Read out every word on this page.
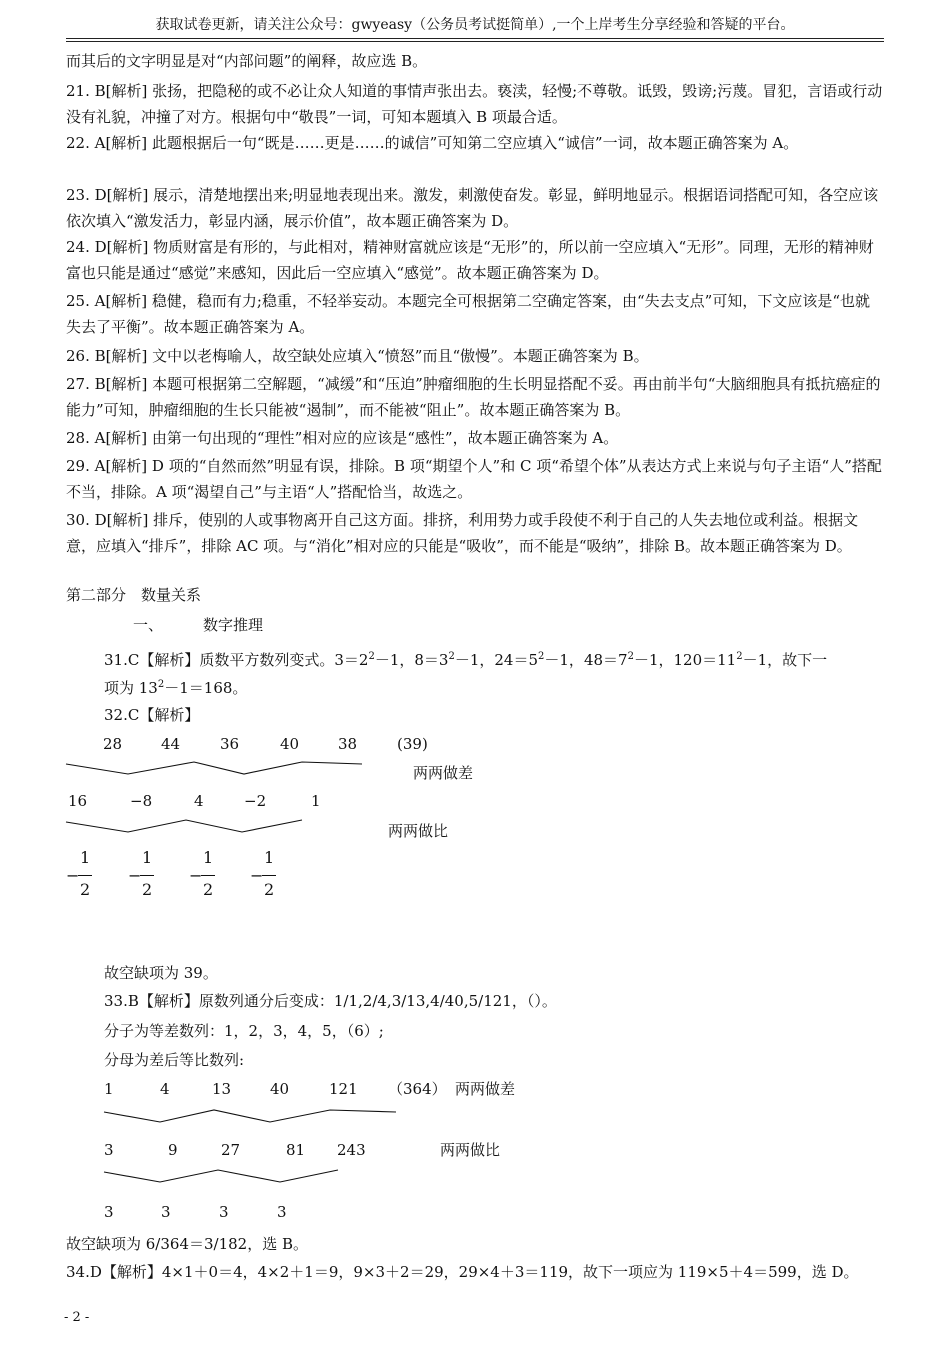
获取试卷更新，请关注公众号：gwyeasy（公务员考试挺简单）,一个上岸考生分享经验和答疑的平台。

而其后的文字明显是对“内部问题”的阐释，故应选 B。

21. B[解析] 张扬，把隐秘的或不必让众人知道的事情声张出去。亵渎，轻慢;不尊敬。诋毁，毁谤;污蔑。冒犯，言语或行动没有礼貌，冲撞了对方。根据句中“敬畏”一词，可知本题填入 B 项最合适。

22. A[解析] 此题根据后一句“既是……更是……的诚信”可知第二空应填入“诚信”一词，故本题正确答案为 A。

23. D[解析] 展示，清楚地摆出来;明显地表现出来。激发，刺激使奋发。彰显，鲜明地显示。根据语词搭配可知，各空应该依次填入“激发活力，彰显内涵，展示价值”，故本题正确答案为 D。

24. D[解析] 物质财富是有形的，与此相对，精神财富就应该是“无形”的，所以前一空应填入“无形”。同理，无形的精神财富也只能是通过“感觉”来感知，因此后一空应填入“感觉”。故本题正确答案为 D。

25. A[解析] 稳健，稳而有力;稳重，不轻举妄动。本题完全可根据第二空确定答案，由“失去支点”可知，下文应该是“也就失去了平衡”。故本题正确答案为 A。

26. B[解析] 文中以老梅喻人，故空缺处应填入“愤怒”而且“傲慢”。本题正确答案为 B。

27. B[解析] 本题可根据第二空解题，“减缓”和“压迫”肿瘤细胞的生长明显搭配不妥。再由前半句“大脑细胞具有抵抗癌症的能力”可知，肿瘤细胞的生长只能被“遏制”，而不能被“阻止”。故本题正确答案为 B。

28. A[解析] 由第一句出现的“理性”相对应的应该是“感性”，故本题正确答案为 A。

29. A[解析] D 项的“自然而然”明显有误，排除。B 项“期望个人”和 C 项“希望个体”从表达方式上来说与句子主语“人”搭配不当，排除。A 项“渴望自己”与主语“人”搭配恰当，故选之。

30. D[解析] 排斥，使别的人或事物离开自己这方面。排挤，利用势力或手段使不利于自己的人失去地位或利益。根据文意，应填入“排斥”，排除 AC 项。与“消化”相对应的只能是“吸收”，而不能是“吸纳”，排除 B。故本题正确答案为 D。

第二部分　数量关系
一、	数字推理
31.C【解析】质数平方数列变式。$3=2^2-1$，$8=3^2-1$，$24=5^2-1$，$48=7^2-1$，$120=11^2-1$，故下一
项为 $13^2-1=168$。
32.C【解析】
28	44	36	40	38	(39)
两两做差
16	−8	4	−2	1
两两做比
−
1
2
−
1
2
−
1
2
−
1
2
故空缺项为 39。
33.B【解析】原数列通分后变成：1/1,2/4,3/13,4/40,5/121，（）。
分子为等差数列：1，2，3，4，5，（6）;
分母为差后等比数列:
1	4	13	40	121 （364） 两两做差
3	9	27	81 243	两两做比
3	3	3	3
故空缺项为 6/364＝3/182，选 B。
34.D【解析】4×1＋0＝4，4×2＋1＝9，9×3＋2＝29，29×4＋3＝119，故下一项应为 119×5＋4＝599，选 D。
- 2 -
